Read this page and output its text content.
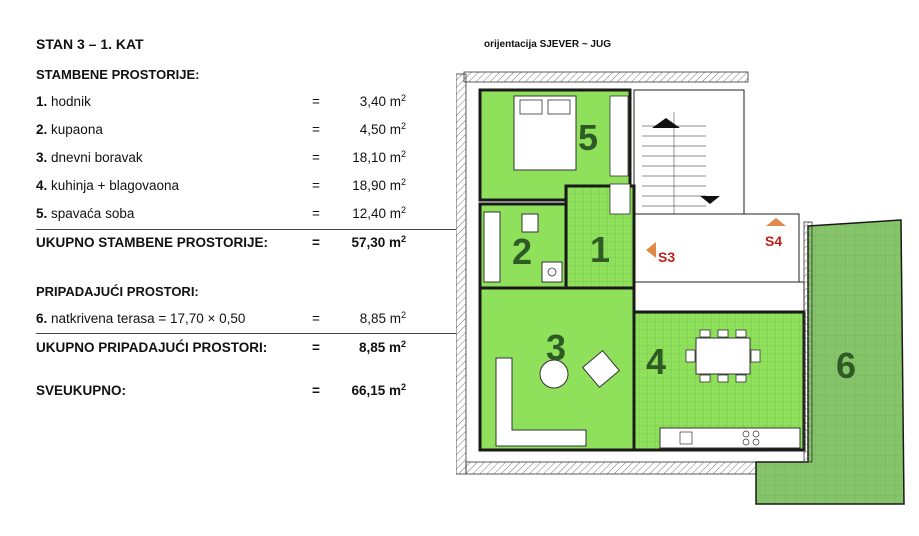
STAN 3 – 1. KAT	orijentacija SJEVER ~ JUG
STAMBENE PROSTORIJE:
1. hodnik	=	3,40 $m^2$
2. kupaona	=	4,50 $m^2$
3. dnevni boravak	=	18,10 $m^2$
4. kuhinja + blagovaona	=	18,90 $m^2$
5. spavaća soba	=	12,40 $m^2$
UKUPNO STAMBENE PROSTORIJE:	=	57,30 $m^2$
PRIPADAJUĆI PROSTORI:
6. natkrivena terasa = 17,70 × 0,50	=	8,85 $m^2$
UKUPNO PRIPADAJUĆI PROSTORI:	=	8,85 $m^2$
SVEUKUPNO:	=	66,15 $m^2$
5
2 1
3 4	6
S3
S4
